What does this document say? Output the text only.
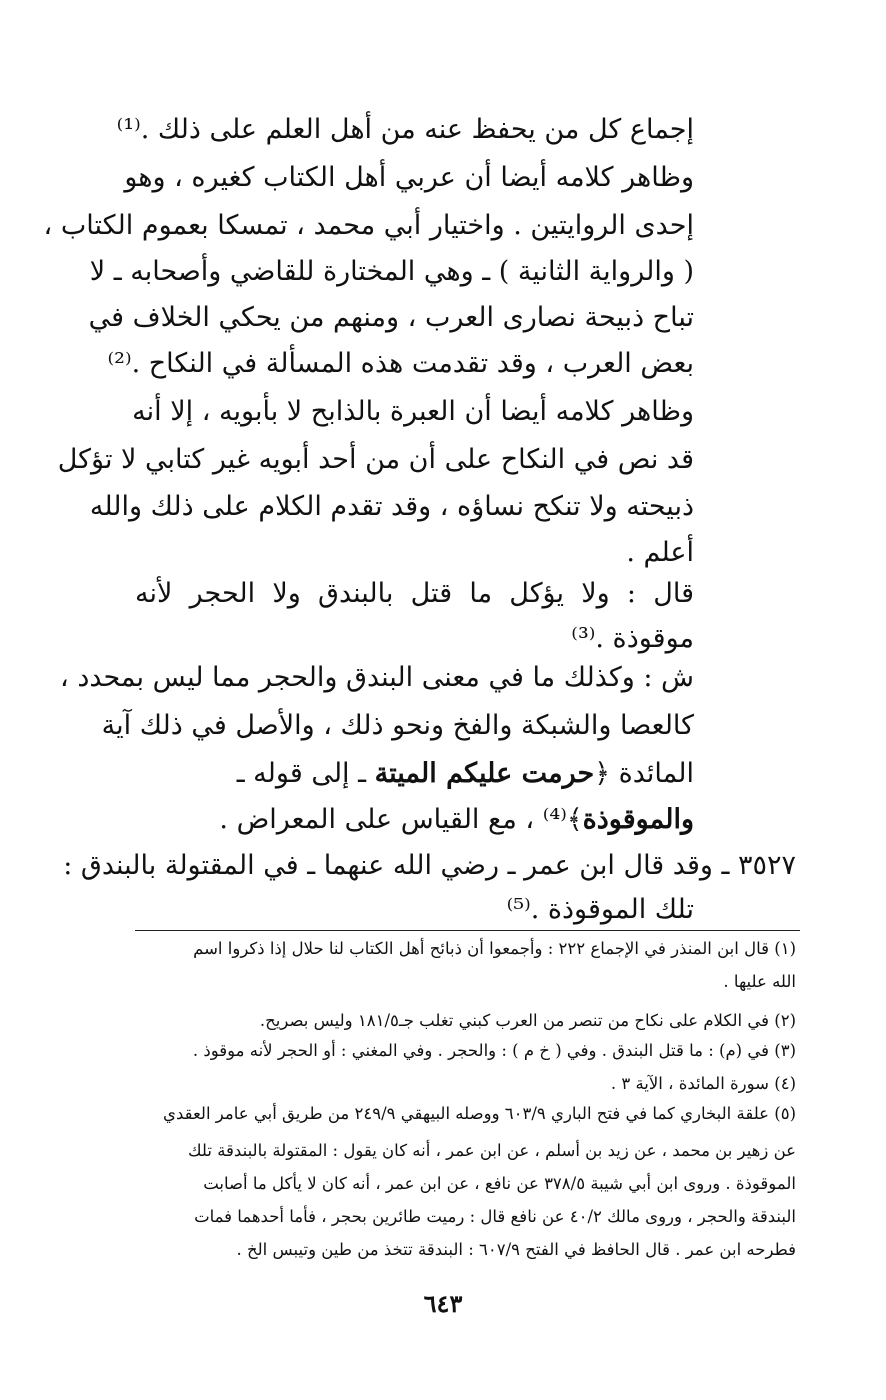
إجماع كل من يحفظ عنه من أهل العلم على ذلك .⁽¹⁾
وظاهر كلامه أيضا أن عربي أهل الكتاب كغيره ، وهو
إحدى الروايتين . واختيار أبي محمد ، تمسكا بعموم الكتاب ،
( والرواية الثانية ) ـ وهي المختارة للقاضي وأصحابه ـ لا
تباح ذبيحة نصارى العرب ، ومنهم من يحكي الخلاف في
بعض العرب ، وقد تقدمت هذه المسألة في النكاح .⁽²⁾
وظاهر كلامه أيضا أن العبرة بالذابح لا بأبويه ، إلا أنه
قد نص في النكاح على أن من أحد أبويه غير كتابي لا تؤكل
ذبيحته ولا تنكح نساؤه ، وقد تقدم الكلام على ذلك والله
أعلم .
قال : ولا يؤكل ما قتل بالبندق ولا الحجر لأنه
موقوذة .⁽³⁾
ش : وكذلك ما في معنى البندق والحجر مما ليس بمحدد ،
كالعصا والشبكة والفخ ونحو ذلك ، والأصل في ذلك آية
المائدة ﴿حرمت عليكم الميتة ـ إلى قوله ـ
والموقوذة﴾⁽⁴⁾ ، مع القياس على المعراض .
٣٥٢٧ ـ وقد قال ابن عمر ـ رضي الله عنهما ـ في المقتولة بالبندق :
تلك الموقوذة .⁽⁵⁾
(١) قال ابن المنذر في الإجماع ٢٢٢ : وأجمعوا أن ذبائح أهل الكتاب لنا حلال إذا ذكروا اسم
الله عليها .
(٢) في الكلام على نكاح من تنصر من العرب كبني تغلب جـ١٨١/٥ وليس بصريح.
(٣) في (م) : ما قتل البندق . وفي ( خ م ) : والحجر . وفي المغني : أو الحجر لأنه موقوذ .
(٤) سورة المائدة ، الآية ٣ .
(٥) علقة البخاري كما في فتح الباري ٦٠٣/٩ ووصله البيهقي ٢٤٩/٩ من طريق أبي عامر العقدي
عن زهير بن محمد ، عن زيد بن أسلم ، عن ابن عمر ، أنه كان يقول : المقتولة بالبندقة تلك
الموقوذة . وروى ابن أبي شيبة ٣٧٨/٥ عن نافع ، عن ابن عمر ، أنه كان لا يأكل ما أصابت
البندقة والحجر ، وروى مالك ٤٠/٢ عن نافع قال : رميت طائرين بحجر ، فأما أحدهما فمات
فطرحه ابن عمر . قال الحافظ في الفتح ٦٠٧/٩ : البندقة تتخذ من طين وتيبس الخ .
٦٤٣
